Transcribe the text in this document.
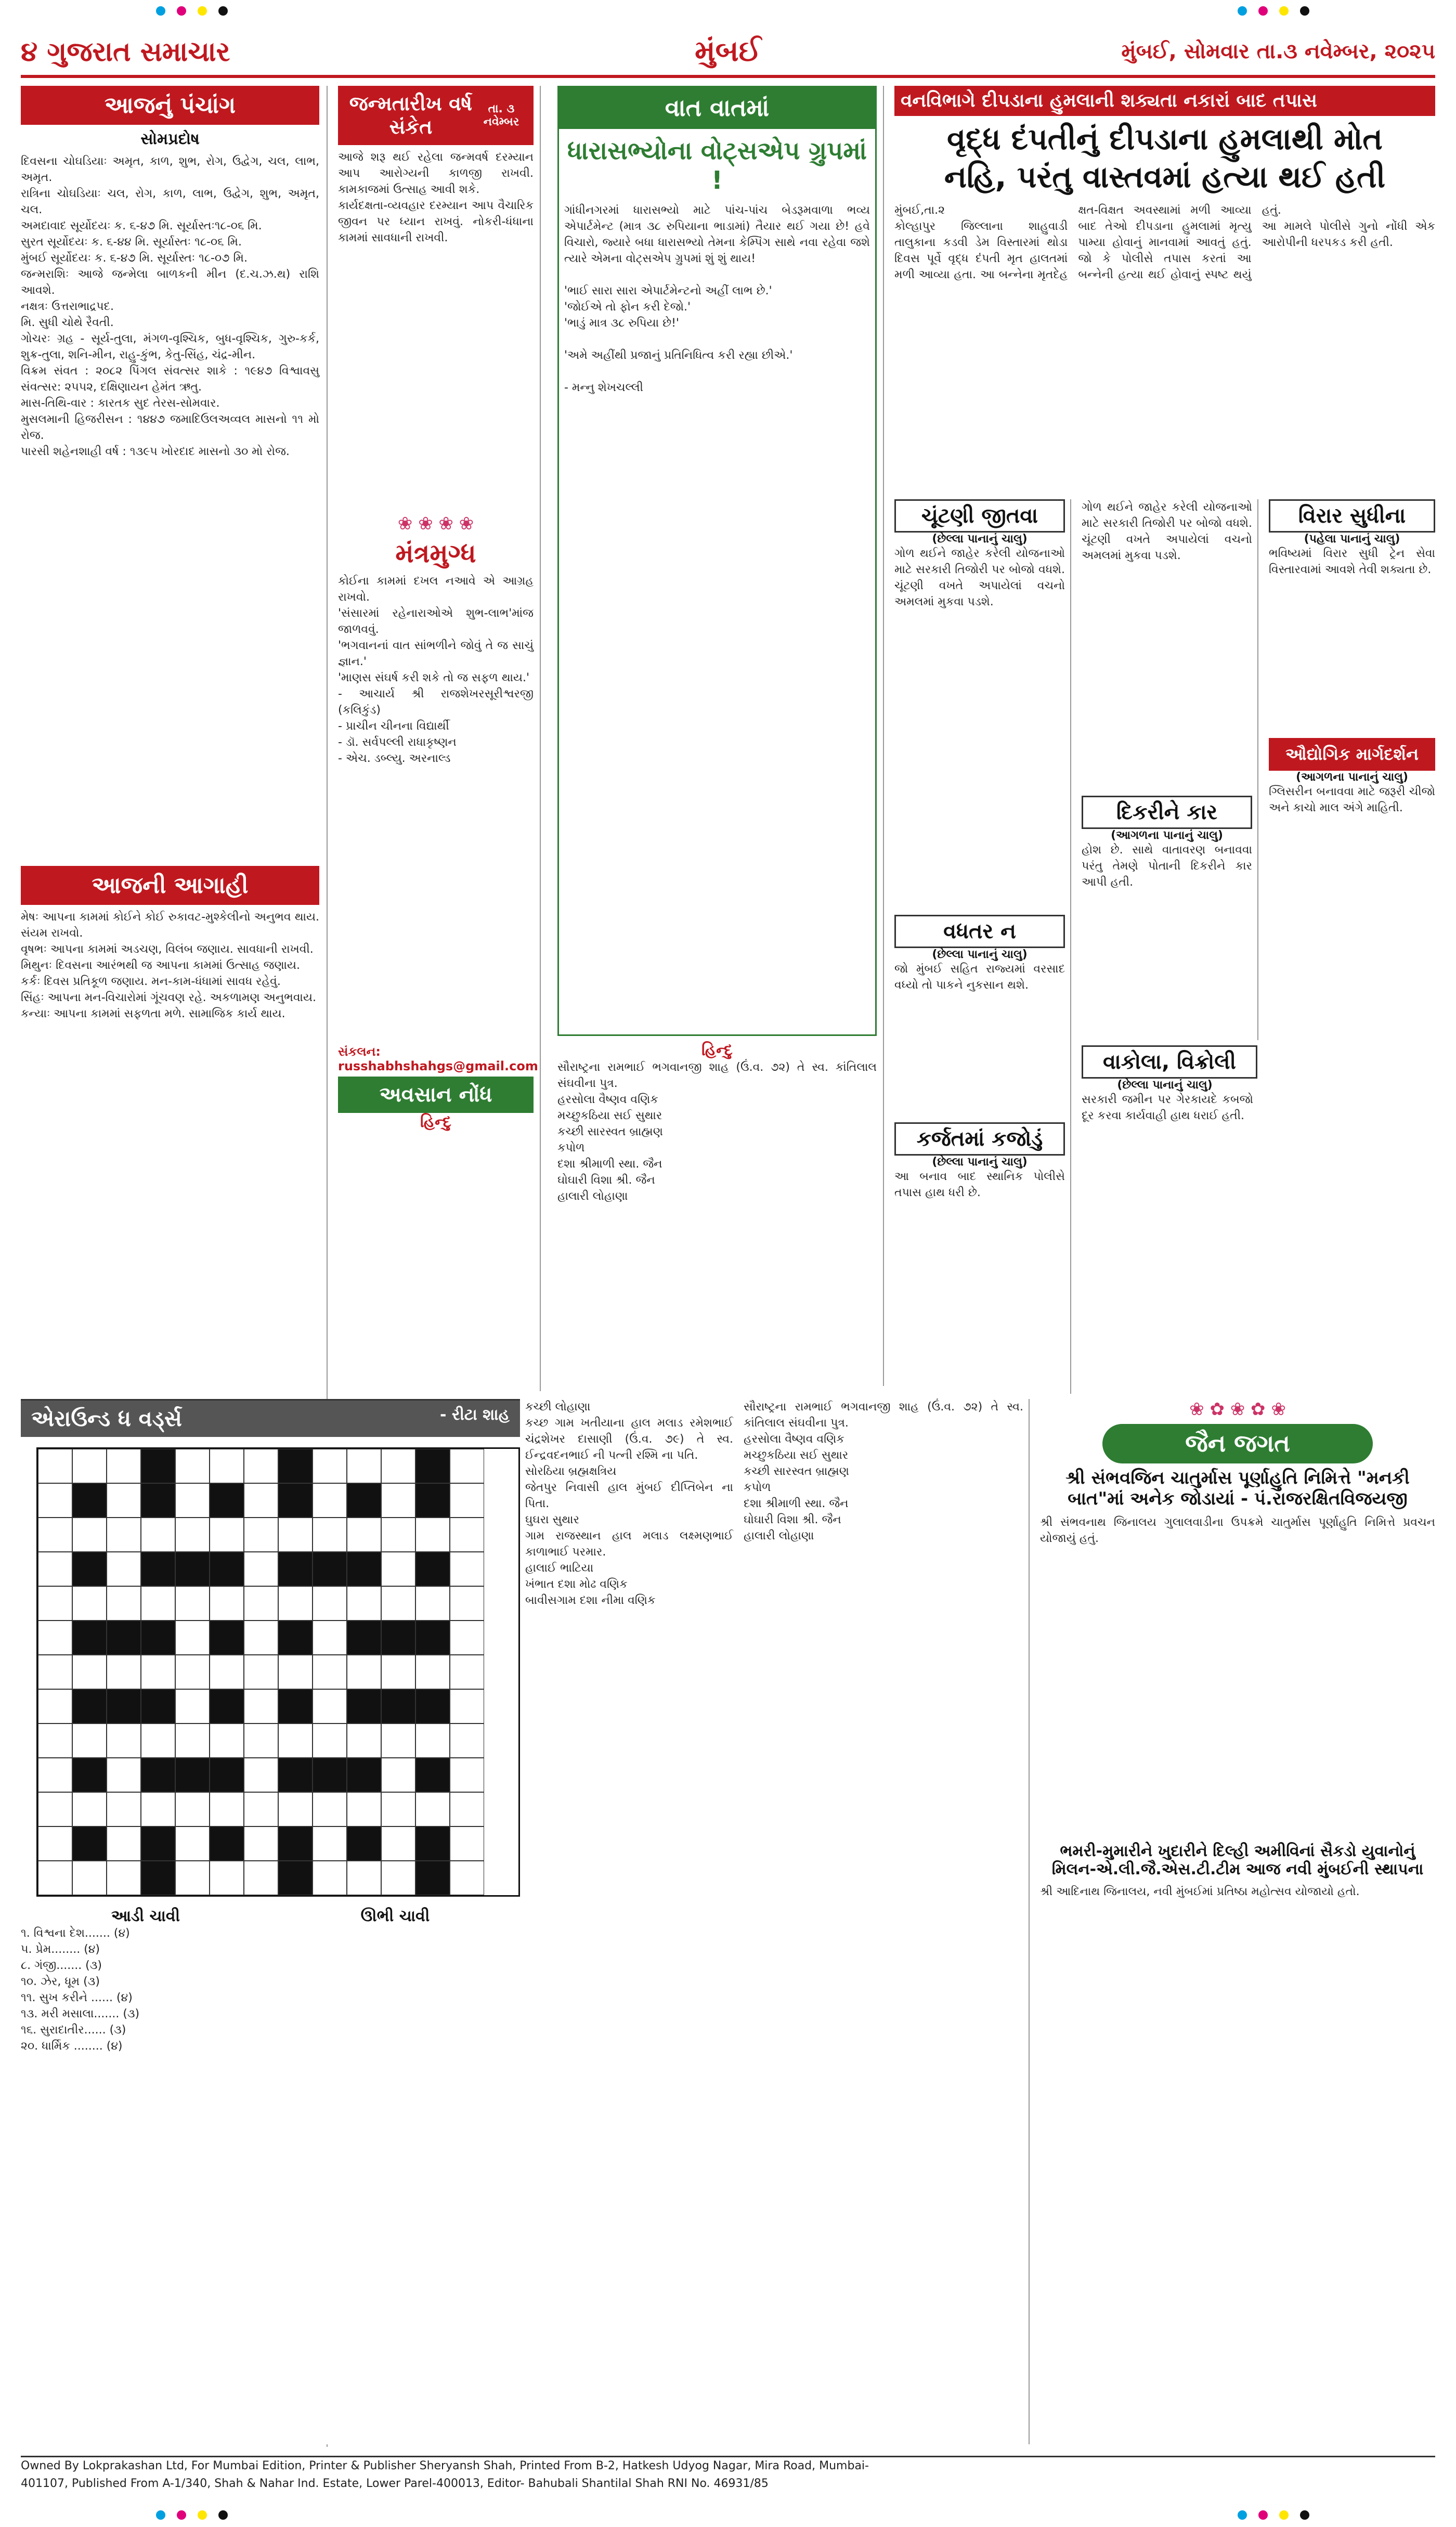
૪ ગુજરાત સમાચાર	મુંબઈ	મુંબઈ, સોમવાર તા.૩ નવેમ્બર, ૨૦૨૫
આજનું પંચાંગ
સોમપ્રદોષ
દિવસના ચોઘડિયાઃ અમૃત, કાળ, શુભ, રોગ, ઉદ્વેગ, ચલ, લાભ, અમૃત.
રાત્રિના ચોઘડિયાઃ ચલ, રોગ, કાળ, લાભ, ઉદ્વેગ, શુભ, અમૃત, ચલ.
અમદાવાદ સૂર્યોદયઃ ક. ૬-૪૭ મિ. સૂર્યાસ્તઃ૧૮-૦૬ મિ.
સુરત સૂર્યોદયઃ ક. ૬-૪૪ મિ. સૂર્યાસ્તઃ ૧૮-૦૬ મિ.
મુંબઈ સૂર્યોદયઃ ક. ૬-૪૭ મિ. સૂર્યાસ્તઃ ૧૮-૦૭ મિ.
જન્મરાશિઃ આજે જન્મેલા બાળકની મીન (દ.ચ.ઝ.થ) રાશિ આવશે.
નક્ષત્રઃ ઉત્તરાભાદ્રપદ.
મિ. સુધી ચોથે રૈવતી.
ગોચરઃ ગ્રહ - સૂર્ય-તુલા, મંગળ-વૃશ્ચિક, બુધ-વૃશ્ચિક, ગુરુ-કર્ક, શુક્ર-તુલા, શનિ-મીન, રાહુ-કુંભ, કેતુ-સિંહ, ચંદ્ર-મીન.
વિક્રમ સંવત : ૨૦૮૨ પિંગલ સંવત્સર શાકે : ૧૯૪૭ વિશ્વાવસુ સંવત્સર: ૨૫૫૨, દક્ષિણાયન હેમંત ઋતુ.
માસ-તિથિ-વાર : કારતક સુદ તેરસ-સોમવાર.
મુસલમાની હિજરીસન : ૧૪૪૭ જમાદિઉલઅવ્વલ માસનો ૧૧ મો રોજ.
પારસી શહેનશાહી વર્ષ : ૧૩૯૫ ખોરદાદ માસનો ૩૦ મો રોજ.
આજની આગાહી
મેષઃ આપના કામમાં કોઈને કોઈ રુકાવટ-મુશ્કેલીનો અનુભવ થાય. સંયમ રાખવો.
વૃષભઃ આપના કામમાં અડચણ, વિલંબ જણાય. સાવધાની રાખવી.
મિથુનઃ દિવસના આરંભથી જ આપના કામમાં ઉત્સાહ જણાય.
કર્કઃ દિવસ પ્રતિકૂળ જણાય. મન-કામ-ધંધામાં સાવધ રહેવું.
સિંહઃ આપના મન-વિચારોમાં ગૂંચવણ રહે. અકળામણ અનુભવાય.
કન્યાઃ આપના કામમાં સફળતા મળે. સામાજિક કાર્ય થાય.
એરાઉન્ડ ધ વર્ડ્સ	- રીટા શાહ
આડી ચાવી
૧. વિશ્વના દેશ....... (૪)
૫. પ્રેમ........ (૪)
૮. ગંજી....... (૩)
૧૦. ઝેર, ધૂમ (૩)
૧૧. સુખ કરીને ...... (૪)
૧૩. મરી મસાલા....... (૩)
૧૬. સુરાદાતીર...... (૩)
૨૦. ધાર્મિક ........ (૪)
ઊભી ચાવી
જન્મતારીખ વર્ષ સંકેત
તા. ૩ નવેમ્બર
આજે શરૂ થઈ રહેલા જન્મવર્ષ દરમ્યાન આપ આરોગ્યની કાળજી રાખવી. કામકાજમાં ઉત્સાહ આવી શકે.
કાર્યદક્ષતા-વ્યવહાર દરમ્યાન આપ વૈચારિક જીવન પર ધ્યાન રાખવું. નોકરી-ધંધાના કામમાં સાવધાની રાખવી.
❀ ❀ ❀ ❀
મંત્રમુગ્ધ
કોઈના કામમાં દખલ નઆવે એ આગ્રહ રાખવો.
'સંસારમાં રહેનારાઓએ શુભ-લાભ'માંજ જાળવવું.
'ભગવાનનાં વાત સાંભળીને જોવું તે જ સાચું જ્ઞાન.'
'માણસ સંઘર્ષ કરી શકે તો જ સફળ થાય.'
- આચાર્ય શ્રી રાજશેખરસૂરીશ્વરજી (કલિકુંડ)
- પ્રાચીન ચીનના વિદ્યાર્થી
- ડૉ. સર્વપલ્લી રાધાકૃષ્ણન
- એચ. ડબ્લ્યુ. અરનાલ્ડ
સંકલન: russhabhshahgs@gmail.com
અવસાન નોંધ
હિન્દુ
કચ્છી લોહાણા
કચ્છ ગામ ખતીયાના હાલ મલાડ રમેશભાઈ ચંદ્રશેખર દાસાણી (ઉં.વ. ૭૯) તે સ્વ. ઈન્દ્રવદનભાઈ ની પત્ની રશ્મિ ના પતિ.
સોરઠિયા બ્રહ્મક્ષત્રિય
જેતપુર નિવાસી હાલ મુંબઈ દીપ્તિબેન ના પિતા.
ઘુઘરા સુથાર
ગામ રાજસ્થાન હાલ મલાડ લક્ષ્મણભાઈ કાળાભાઈ પરમાર.
હાલાઈ ભાટિયા
ખંભાત દશા મોઢ વણિક
બાવીસગામ દશા નીમા વણિક
વાત વાતમાં
ધારાસભ્યોના વોટ્સએપ ગ્રુપમાં !
ગાંધીનગરમાં ધારાસભ્યો માટે પાંચ-પાંચ બેડરૂમવાળા ભવ્ય એપાર્ટમેન્ટ (માત્ર ૩૮ રુપિયાના ભાડામાં) તૈયાર થઈ ગયા છે! હવે વિચારો, જ્યારે બધા ધારાસભ્યો તેમના કેમ્પિંગ સાથે નવા રહેવા જશે ત્યારે એમના વોટ્સએપ ગ્રુપમાં શું શું થાય!

'ભાઈ સારા સારા એપાર્ટમેન્ટનો અહીં લાભ છે.'
'જોઈએ તો ફોન કરી દેજો.'
'ભાડું માત્ર ૩૮ રુપિયા છે!'

'અમે અહીંથી પ્રજાનું પ્રતિનિધિત્વ કરી રહ્યા છીએ.'

- મન્નુ શેખચલ્લી
હિન્દુ
સૌરાષ્ટ્રના રામભાઈ ભગવાનજી શાહ (ઉં.વ. ૭૨) તે સ્વ. કાંતિલાલ સંઘવીના પુત્ર.
હરસોલા વૈષ્ણવ વણિક
મચ્છુકઠિયા સઈ સુથાર
કચ્છી સારસ્વત બ્રાહ્મણ
કપોળ
દશા શ્રીમાળી સ્થા. જૈન
ઘોઘારી વિશા શ્રી. જૈન
હાલારી લોહાણા
સૌરાષ્ટ્રના રામભાઈ ભગવાનજી શાહ (ઉં.વ. ૭૨) તે સ્વ. કાંતિલાલ સંઘવીના પુત્ર.
હરસોલા વૈષ્ણવ વણિક
મચ્છુકઠિયા સઈ સુથાર
કચ્છી સારસ્વત બ્રાહ્મણ
કપોળ
દશા શ્રીમાળી સ્થા. જૈન
ઘોઘારી વિશા શ્રી. જૈન
હાલારી લોહાણા
વનવિભાગે દીપડાના હુમલાની શક્યતા નકારાં બાદ તપાસ
વૃદ્ધ દંપતીનું દીપડાના હુમલાથી મોત
નહિ, પરંતુ વાસ્તવમાં હત્યા થઈ હતી
મુંબઈ,તા.૨
કોલ્હાપુર જિલ્લાના શાહુવાડી તાલુકાના કડવી ડેમ વિસ્તારમાં થોડા દિવસ પૂર્વે વૃદ્ધ દંપતી મૃત હાલતમાં મળી આવ્યા હતા. આ બન્નેના મૃતદેહ ક્ષત-વિક્ષત અવસ્થામાં મળી આવ્યા બાદ તેઓ દીપડાના હુમલામાં મૃત્યુ પામ્યા હોવાનું માનવામાં આવતું હતું. જો કે પોલીસે તપાસ કરતાં આ બન્નેની હત્યા થઈ હોવાનું સ્પષ્ટ થયું હતું.
આ મામલે પોલીસે ગુનો નોંધી એક આરોપીની ધરપકડ કરી હતી.
ચૂંટણી જીતવા
(છેલ્લા પાનાનું ચાલુ)
ગોળ થઈને જાહેર કરેલી યોજનાઓ માટે સરકારી તિજોરી પર બોજો વધશે. ચૂંટણી વખતે અપાયેલાં વચનો અમલમાં મુકવા પડશે.
વધતર ન
(છેલ્લા પાનાનું ચાલુ)
જો મુંબઈ સહિત રાજ્યમાં વરસાદ વધ્યો તો પાકને નુકસાન થશે.
કર્જતમાં કજોડું
(છેલ્લા પાનાનું ચાલુ)
આ બનાવ બાદ સ્થાનિક પોલીસે તપાસ હાથ ધરી છે.
ગોળ થઈને જાહેર કરેલી યોજનાઓ માટે સરકારી તિજોરી પર બોજો વધશે. ચૂંટણી વખતે અપાયેલાં વચનો અમલમાં મુકવા પડશે.
દિકરીને કાર
(આગળના પાનાનું ચાલુ)
હોશ છે. સાથે વાતાવરણ બનાવવા પરંતુ તેમણે પોતાની દિકરીને કાર આપી હતી.
વિરાર સુધીના
(પહેલા પાનાનું ચાલુ)
ભવિષ્યમાં વિરાર સુધી ટ્રેન સેવા વિસ્તારવામાં આવશે તેવી શક્યતા છે.
ઔદ્યોગિક માર્ગદર્શન
(આગળના પાનાનું ચાલુ)
ગ્લિસરીન બનાવવા માટે જરૂરી ચીજો અને કાચો માલ અંગે માહિતી.
વાકોલા, વિક્રોલી
(છેલ્લા પાનાનું ચાલુ)
સરકારી જમીન પર ગેરકાયદે કબજો દૂર કરવા કાર્યવાહી હાથ ધરાઈ હતી.
❀ ✿ ❀ ✿ ❀
જૈન જગત
શ્રી સંભવજિન ચાતુર્માસ પૂર્ણાહુતિ નિમિત્તે "મનકી
બાત"માં અનેક જોડાયાં - પં.રાજરક્ષિતવિજયજી
શ્રી સંભવનાથ જિનાલય ગુલાલવાડીના ઉપક્રમે ચાતુર્માસ પૂર્ણાહુતિ નિમિત્તે પ્રવચન યોજાયું હતું.
ભમરી-મુમારીને ખુદારીને દિલ્હી અમીવિનાં સૈકડો યુવાનોનું
મિલન-એ.લી.જૈ.એસ.ટી.ટીમ આજ નવી મુંબઈની સ્થાપના
શ્રી આદિનાથ જિનાલય, નવી મુંબઈમાં પ્રતિષ્ઠા મહોત્સવ યોજાયો હતો.
Owned By Lokprakashan Ltd, For Mumbai Edition, Printer & Publisher Sheryansh Shah, Printed From B-2, Hatkesh Udyog Nagar, Mira Road, Mumbai-
401107, Published From A-1/340, Shah & Nahar Ind. Estate, Lower Parel-400013, Editor- Bahubali Shantilal Shah RNI No. 46931/85
